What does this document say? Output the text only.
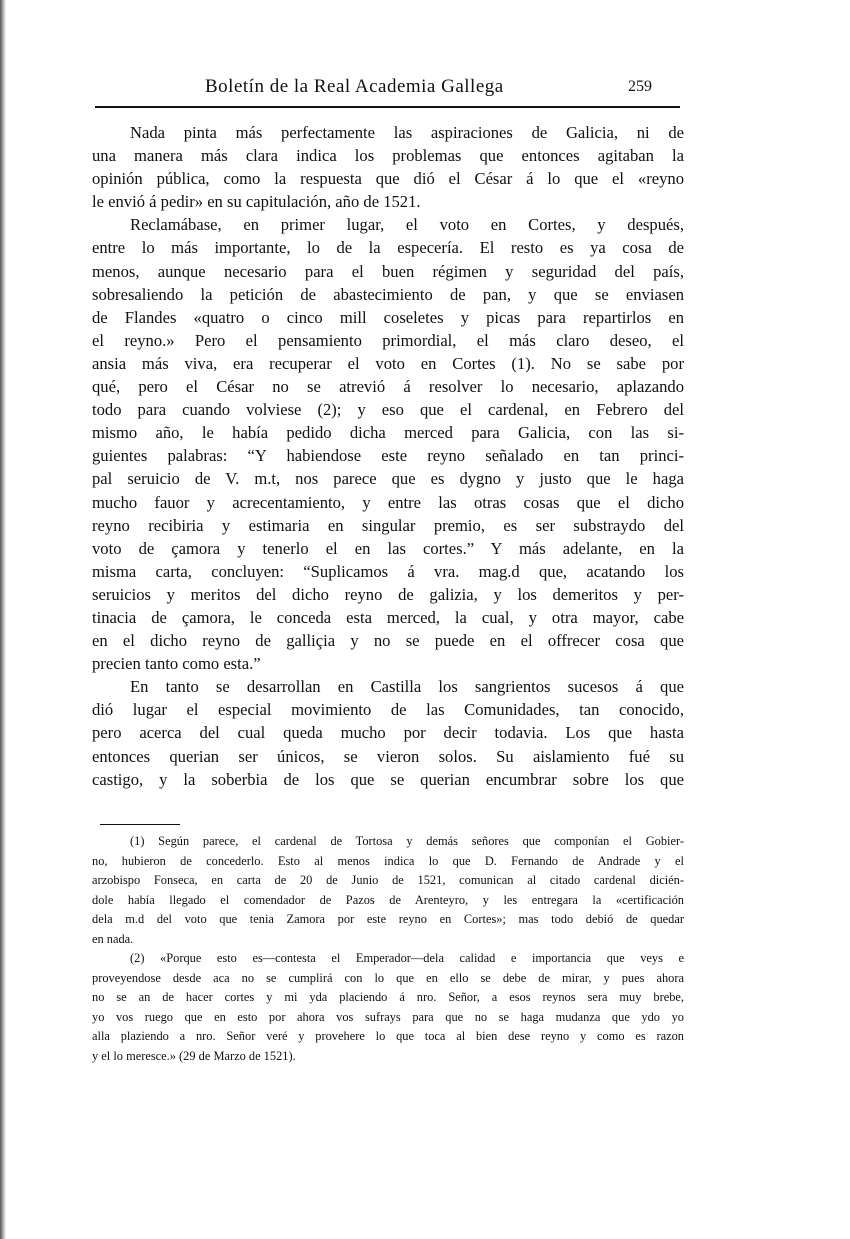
Boletín de la Real Academia Gallega	259
Nada pinta más perfectamente las aspiraciones de Galicia, ni de
una manera más clara indica los problemas que entonces agitaban la
opinión pública, como la respuesta que dió el César á lo que el «reyno
le envió á pedir» en su capitulación, año de 1521.
Reclamábase, en primer lugar, el voto en Cortes, y después,
entre lo más importante, lo de la especería. El resto es ya cosa de
menos, aunque necesario para el buen régimen y seguridad del país,
sobresaliendo la petición de abastecimiento de pan, y que se enviasen
de Flandes «quatro o cinco mill coseletes y picas para repartirlos en
el reyno.» Pero el pensamiento primordial, el más claro deseo, el
ansia más viva, era recuperar el voto en Cortes (1). No se sabe por
qué, pero el César no se atrevió á resolver lo necesario, aplazando
todo para cuando volviese (2); y eso que el cardenal, en Febrero del
mismo año, le había pedido dicha merced para Galicia, con las si-
guientes palabras: “Y habiendose este reyno señalado en tan princi-
pal seruicio de V. m.t, nos parece que es dygno y justo que le haga
mucho fauor y acrecentamiento, y entre las otras cosas que el dicho
reyno recibiria y estimaria en singular premio, es ser substraydo del
voto de çamora y tenerlo el en las cortes.” Y más adelante, en la
misma carta, concluyen: “Suplicamos á vra. mag.d que, acatando los
seruicios y meritos del dicho reyno de galizia, y los demeritos y per-
tinacia de çamora, le conceda esta merced, la cual, y otra mayor, cabe
en el dicho reyno de galliçia y no se puede en el offrecer cosa que
precien tanto como esta.”
En tanto se desarrollan en Castilla los sangrientos sucesos á que
dió lugar el especial movimiento de las Comunidades, tan conocido,
pero acerca del cual queda mucho por decir todavia. Los que hasta
entonces querian ser únicos, se vieron solos. Su aislamiento fué su
castigo, y la soberbia de los que se querian encumbrar sobre los que
(1) Según parece, el cardenal de Tortosa y demás señores que componían el Gobier-
no, hubieron de concederlo. Esto al menos indica lo que D. Fernando de Andrade y el
arzobispo Fonseca, en carta de 20 de Junio de 1521, comunican al citado cardenal dicién-
dole había llegado el comendador de Pazos de Arenteyro, y les entregara la «certificación
dela m.d del voto que tenia Zamora por este reyno en Cortes»; mas todo debió de quedar
en nada.
(2) «Porque esto es—contesta el Emperador—dela calidad e importancia que veys e
proveyendose desde aca no se cumplirá con lo que en ello se debe de mirar, y pues ahora
no se an de hacer cortes y mi yda placiendo á nro. Señor, a esos reynos sera muy brebe,
yo vos ruego que en esto por ahora vos sufrays para que no se haga mudanza que ydo yo
alla plaziendo a nro. Señor veré y provehere lo que toca al bien dese reyno y como es razon
y el lo meresce.» (29 de Marzo de 1521).
